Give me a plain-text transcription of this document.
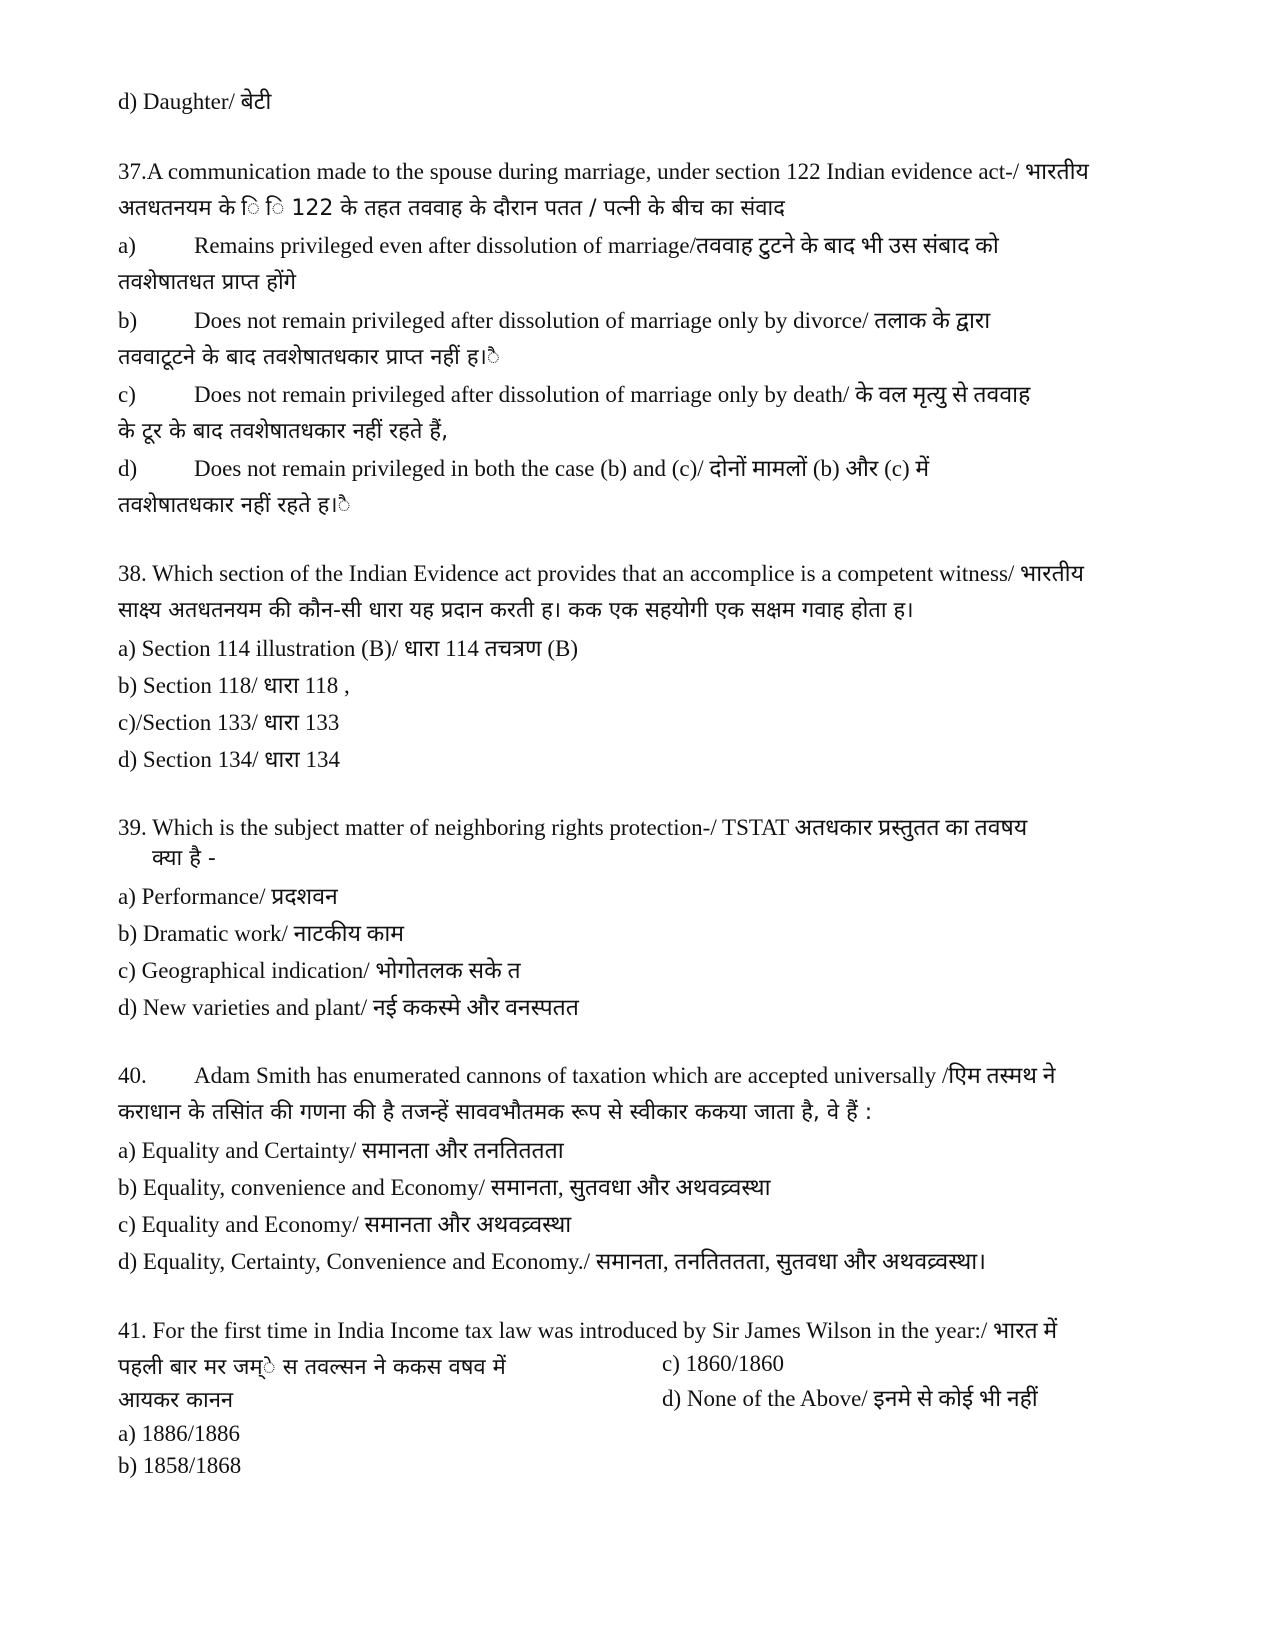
d) Daughter/ बेटी
37.A communication made to the spouse during marriage, under section 122 Indian evidence act-/ भारतीय
अतधतनयम के ि ि 122 के तहत तववाह के दौरान पतत / पत्नी के बीच का संवाद
a)	Remains privileged even after dissolution of marriage/तववाह टुटने के बाद भी उस संबाद को
तवशेषातधत प्राप्त होंगे
b) Does not remain privileged after dissolution of marriage only by divorce/ तलाक के द्वारा
तववाटूटने के बाद तवशेषातधकार प्राप्त नहीं ह।ै
c)	Does not remain privileged after dissolution of marriage only by death/ के वल मृत्यु से तववाह
के टूर के बाद तवशेषातधकार नहीं रहते हैं,
d) Does not remain privileged in both the case (b) and (c)/ दोनों मामलों (b) और (c) में
तवशेषातधकार नहीं रहते ह।ै
38. Which section of the Indian Evidence act provides that an accomplice is a competent witness/ भारतीय
साक्ष्य अतधतनयम की कौन-सी धारा यह प्रदान करती ह। कक एक सहयोगी एक सक्षम गवाह होता ह।
a) Section 114 illustration (B)/ धारा 114 तचत्रण (B)
b) Section 118/ धारा 118 ,
c)/Section 133/ धारा 133
d) Section 134/ धारा 134
39. Which is the subject matter of neighboring rights protection-/ TSTAT अतधकार प्रस्तुतत का तवषय
क्या है -
a) Performance/ प्रदशवन
b) Dramatic work/ नाटकीय काम
c) Geographical indication/ भोगोतलक सके त
d) New varieties and plant/ नई ककस्मे और वनस्पतत
40. Adam Smith has enumerated cannons of taxation which are accepted universally /एिम तस्मथ ने
कराधान के तसिांत की गणना की है तजन्हें साववभौतमक रूप से स्वीकार ककया जाता है, वे हैं :
a) Equality and Certainty/ समानता और तनतिततता
b) Equality, convenience and Economy/ समानता, सुतवधा और अथवव्र्वस्था
c) Equality and Economy/ समानता और अथवव्र्वस्था
d) Equality, Certainty, Convenience and Economy./ समानता, तनतिततता, सुतवधा और अथवव्र्वस्था।
41. For the first time in India Income tax law was introduced by Sir James Wilson in the year:/ भारत में
पहली बार मर जम्े स तवल्सन ने ककस वषव में
आयकर कानन
a) 1886/1886
b) 1858/1868
c) 1860/1860
d) None of the Above/ इनमे से कोई भी नहीं
